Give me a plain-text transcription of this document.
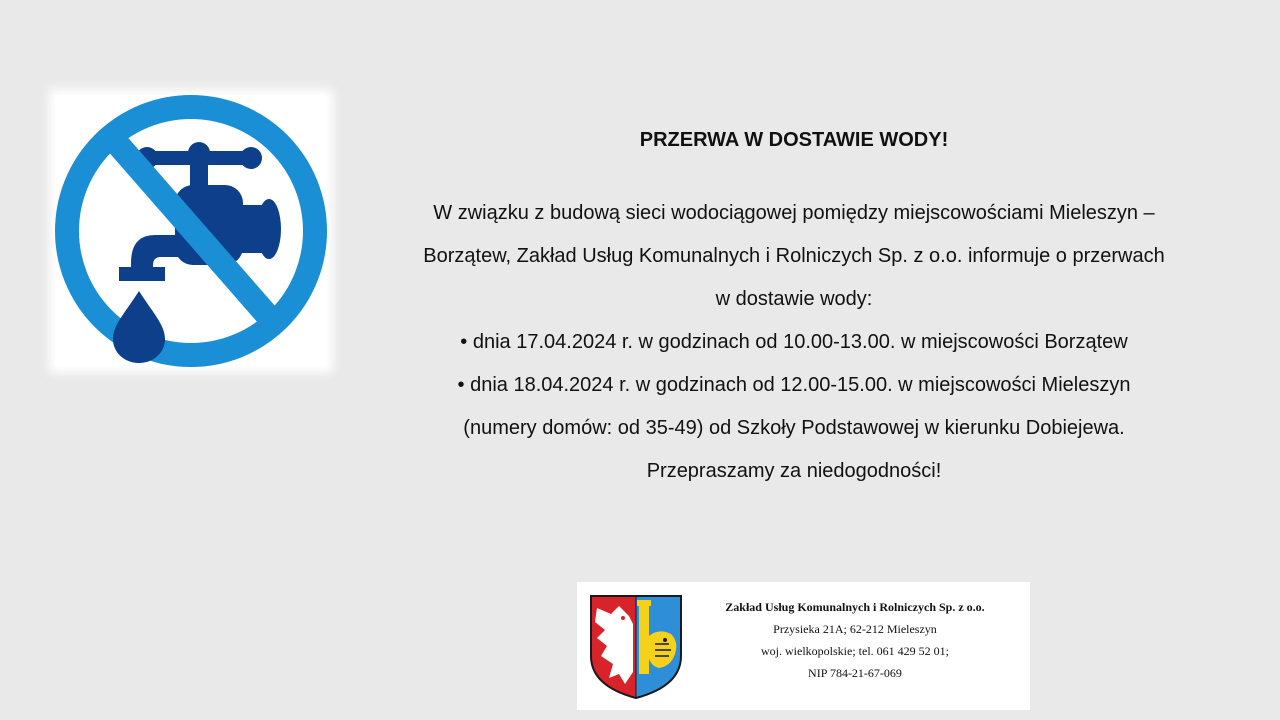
PRZERWA W DOSTAWIE WODY!

W związku z budową sieci wodociągowej pomiędzy miejscowościami Mieleszyn –

Borzątew, Zakład Usług Komunalnych i Rolniczych Sp. z o.o. informuje o przerwach

w dostawie wody:

• dnia 17.04.2024 r. w godzinach od 10.00-13.00. w miejscowości Borzątew

• dnia 18.04.2024 r. w godzinach od 12.00-15.00. w miejscowości Mieleszyn

(numery domów: od 35-49) od Szkoły Podstawowej w kierunku Dobiejewa.

Przepraszamy za niedogodności!

Zakład Usług Komunalnych i Rolniczych Sp. z o.o.
Przysieka 21A; 62-212 Mieleszyn
woj. wielkopolskie; tel. 061 429 52 01;
NIP 784-21-67-069
